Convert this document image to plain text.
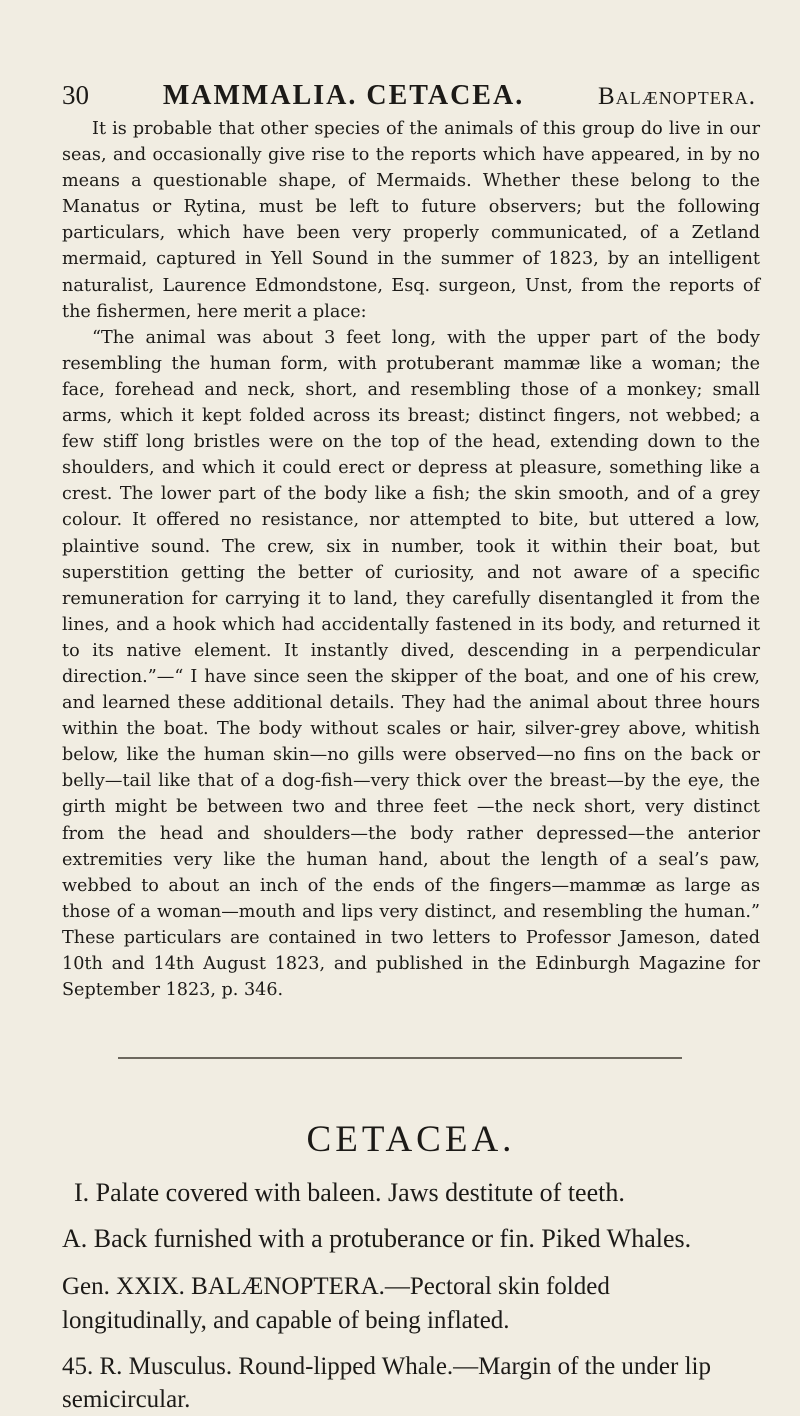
30	MAMMALIA. CETACEA.	Balænoptera.

It is probable that other species of the animals of this group do live in our seas, and occasionally give rise to the reports which have appeared, in by no means a questionable shape, of Mermaids. Whether these belong to the Manatus or Rytina, must be left to future observers; but the following particulars, which have been very properly communicated, of a Zetland mermaid, captured in Yell Sound in the summer of 1823, by an intelligent naturalist, Laurence Edmondstone, Esq. surgeon, Unst, from the reports of the fishermen, here merit a place:

“The animal was about 3 feet long, with the upper part of the body resembling the human form, with protuberant mammæ like a woman; the face, forehead and neck, short, and resembling those of a monkey; small arms, which it kept folded across its breast; distinct fingers, not webbed; a few stiff long bristles were on the top of the head, extending down to the shoulders, and which it could erect or depress at pleasure, something like a crest. The lower part of the body like a fish; the skin smooth, and of a grey colour. It offered no resistance, nor attempted to bite, but uttered a low, plaintive sound. The crew, six in number, took it within their boat, but superstition getting the better of curiosity, and not aware of a specific remuneration for carrying it to land, they carefully disentangled it from the lines, and a hook which had accidentally fastened in its body, and returned it to its native element. It instantly dived, descending in a perpendicular direction.”—“ I have since seen the skipper of the boat, and one of his crew, and learned these additional details. They had the animal about three hours within the boat. The body without scales or hair, silver-grey above, whitish below, like the human skin—no gills were observed—no fins on the back or belly—tail like that of a dog-fish—very thick over the breast—by the eye, the girth might be between two and three feet —the neck short, very distinct from the head and shoulders—the body rather depressed—the anterior extremities very like the human hand, about the length of a seal’s paw, webbed to about an inch of the ends of the fingers—mammæ as large as those of a woman—mouth and lips very distinct, and resembling the human.” These particulars are contained in two letters to Professor Jameson, dated 10th and 14th August 1823, and published in the Edinburgh Magazine for September 1823, p. 346.

CETACEA.
I. Palate covered with baleen. Jaws destitute of teeth.
A. Back furnished with a protuberance or fin. Piked Whales.
Gen. XXIX. BALÆNOPTERA.—Pectoral skin folded longitudinally, and capable of being inflated.
45. R. Musculus. Round-lipped Whale.—Margin of the under lip semicircular.
